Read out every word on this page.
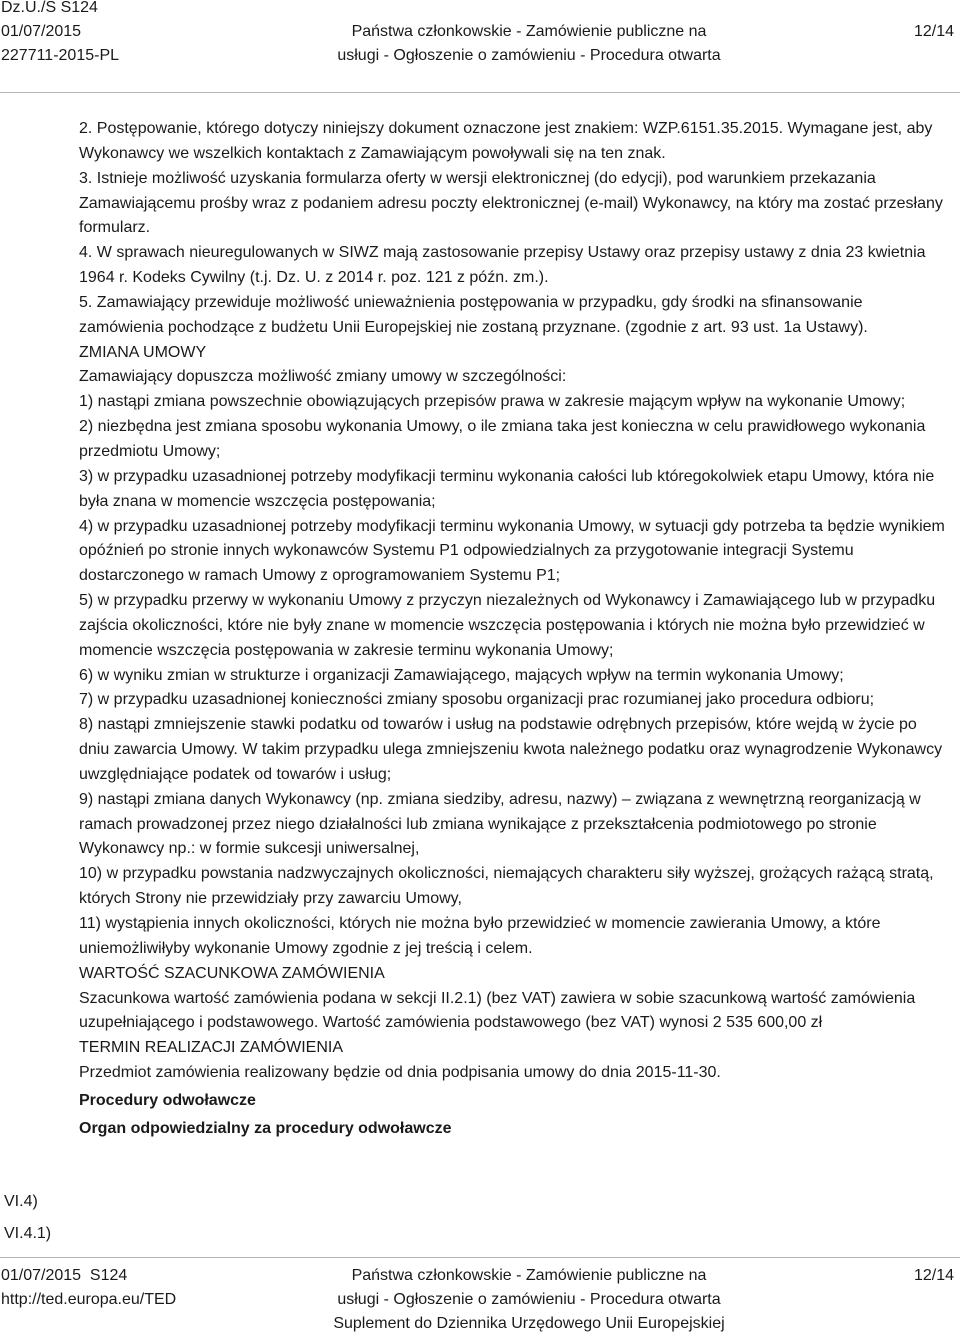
Dz.U./S S124
01/07/2015
227711-2015-PL
Państwa członkowskie - Zamówienie publiczne na
usługi - Ogłoszenie o zamówieniu - Procedura otwarta
12/14

2. Postępowanie, którego dotyczy niniejszy dokument oznaczone jest znakiem: WZP.6151.35.2015. Wymagane jest, aby Wykonawcy we wszelkich kontaktach z Zamawiającym powoływali się na ten znak.

3. Istnieje możliwość uzyskania formularza oferty w wersji elektronicznej (do edycji), pod warunkiem przekazania Zamawiającemu prośby wraz z podaniem adresu poczty elektronicznej (e-mail) Wykonawcy, na który ma zostać przesłany formularz.

4. W sprawach nieuregulowanych w SIWZ mają zastosowanie przepisy Ustawy oraz przepisy ustawy z dnia 23 kwietnia 1964 r. Kodeks Cywilny (t.j. Dz. U. z 2014 r. poz. 121 z późn. zm.).

5. Zamawiający przewiduje możliwość unieważnienia postępowania w przypadku, gdy środki na sfinansowanie zamówienia pochodzące z budżetu Unii Europejskiej nie zostaną przyznane. (zgodnie z art. 93 ust. 1a Ustawy).

ZMIANA UMOWY

Zamawiający dopuszcza możliwość zmiany umowy w szczególności:

1) nastąpi zmiana powszechnie obowiązujących przepisów prawa w zakresie mającym wpływ na wykonanie Umowy;

2) niezbędna jest zmiana sposobu wykonania Umowy, o ile zmiana taka jest konieczna w celu prawidłowego wykonania przedmiotu Umowy;

3) w przypadku uzasadnionej potrzeby modyfikacji terminu wykonania całości lub któregokolwiek etapu Umowy, która nie była znana w momencie wszczęcia postępowania;

4) w przypadku uzasadnionej potrzeby modyfikacji terminu wykonania Umowy, w sytuacji gdy potrzeba ta będzie wynikiem opóźnień po stronie innych wykonawców Systemu P1 odpowiedzialnych za przygotowanie integracji Systemu dostarczonego w ramach Umowy z oprogramowaniem Systemu P1;

5) w przypadku przerwy w wykonaniu Umowy z przyczyn niezależnych od Wykonawcy i Zamawiającego lub w przypadku zajścia okoliczności, które nie były znane w momencie wszczęcia postępowania i których nie można było przewidzieć w momencie wszczęcia postępowania w zakresie terminu wykonania Umowy;

6) w wyniku zmian w strukturze i organizacji Zamawiającego, mających wpływ na termin wykonania Umowy;

7) w przypadku uzasadnionej konieczności zmiany sposobu organizacji prac rozumianej jako procedura odbioru;

8) nastąpi zmniejszenie stawki podatku od towarów i usług na podstawie odrębnych przepisów, które wejdą w życie po dniu zawarcia Umowy. W takim przypadku ulega zmniejszeniu kwota należnego podatku oraz wynagrodzenie Wykonawcy uwzględniające podatek od towarów i usług;

9) nastąpi zmiana danych Wykonawcy (np. zmiana siedziby, adresu, nazwy) – związana z wewnętrzną reorganizacją w ramach prowadzonej przez niego działalności lub zmiana wynikające z przekształcenia podmiotowego po stronie Wykonawcy np.: w formie sukcesji uniwersalnej,

10) w przypadku powstania nadzwyczajnych okoliczności, niemających charakteru siły wyższej, grożących rażącą stratą, których Strony nie przewidziały przy zawarciu Umowy,

11) wystąpienia innych okoliczności, których nie można było przewidzieć w momencie zawierania Umowy, a które uniemożliwiłyby wykonanie Umowy zgodnie z jej treścią i celem.

WARTOŚĆ SZACUNKOWA ZAMÓWIENIA

Szacunkowa wartość zamówienia podana w sekcji II.2.1) (bez VAT) zawiera w sobie szacunkową wartość zamówienia uzupełniającego i podstawowego. Wartość zamówienia podstawowego (bez VAT) wynosi 2 535 600,00 zł

TERMIN REALIZACJI ZAMÓWIENIA

Przedmiot zamówienia realizowany będzie od dnia podpisania umowy do dnia 2015-11-30.

Procedury odwoławcze

Organ odpowiedzialny za procedury odwoławcze

VI.4)
VI.4.1)
01/07/2015 S124
http://ted.europa.eu/TED
Państwa członkowskie - Zamówienie publiczne na
usługi - Ogłoszenie o zamówieniu - Procedura otwarta
Suplement do Dziennika Urzędowego Unii Europejskiej
12/14
